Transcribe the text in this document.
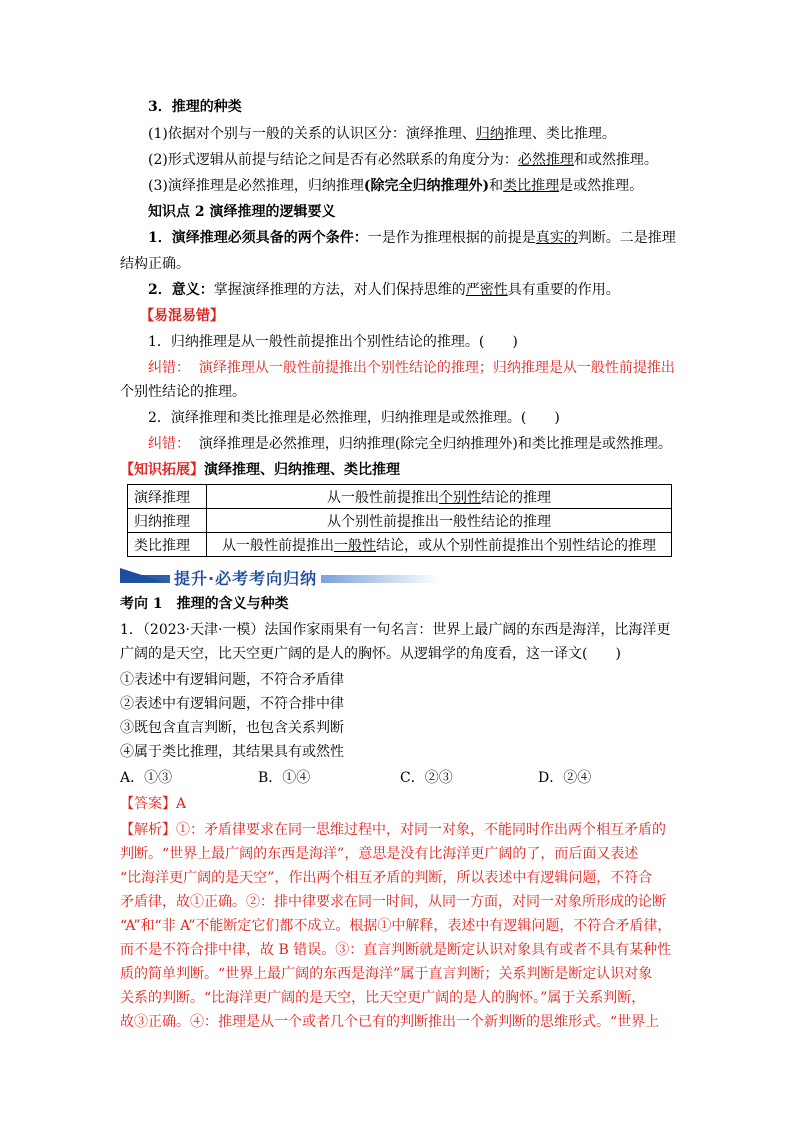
3．推理的种类
(1)依据对个别与一般的关系的认识区分：演绎推理、归纳推理、类比推理。
(2)形式逻辑从前提与结论之间是否有必然联系的角度分为：必然推理和或然推理。
(3)演绎推理是必然推理，归纳推理(除完全归纳推理外)和类比推理是或然推理。
知识点 2 演绎推理的逻辑要义
1．演绎推理必须具备的两个条件：一是作为推理根据的前提是真实的判断。二是推理
结构正确。
2．意义：掌握演绎推理的方法，对人们保持思维的严密性具有重要的作用。
【易混易错】
1．归纳推理是从一般性前提推出个别性结论的推理。(　　)
纠错： 演绎推理从一般性前提推出个别性结论的推理；归纳推理是从一般性前提推出
个别性结论的推理。
2．演绎推理和类比推理是必然推理，归纳推理是或然推理。(　　)
纠错： 演绎推理是必然推理，归纳推理(除完全归纳推理外)和类比推理是或然推理。
【知识拓展】演绎推理、归纳推理、类比推理
演绎推理	从一般性前提推出个别性结论的推理
归纳推理	从个别性前提推出一般性结论的推理
类比推理	从一般性前提推出一般性结论，或从个别性前提推出个别性结论的推理
提升·必考考向归纳
考向 1　推理的含义与种类
1．（2023·天津·一模）法国作家雨果有一句名言：世界上最广阔的东西是海洋，比海洋更
广阔的是天空，比天空更广阔的是人的胸怀。从逻辑学的角度看，这一译文(　　)
①表述中有逻辑问题，不符合矛盾律
②表述中有逻辑问题，不符合排中律
③既包含直言判断，也包含关系判断
④属于类比推理，其结果具有或然性
A．①③	B．①④	C．②③	D．②④
【答案】A
【解析】①：矛盾律要求在同一思维过程中，对同一对象，不能同时作出两个相互矛盾的
判断。“世界上最广阔的东西是海洋”，意思是没有比海洋更广阔的了，而后面又表述
“比海洋更广阔的是天空”，作出两个相互矛盾的判断，所以表述中有逻辑问题，不符合
矛盾律，故①正确。②：排中律要求在同一时间，从同一方面，对同一对象所形成的论断
“A”和“非 A”不能断定它们都不成立。根据①中解释，表述中有逻辑问题，不符合矛盾律，
而不是不符合排中律，故 B 错误。③：直言判断就是断定认识对象具有或者不具有某种性
质的简单判断。“世界上最广阔的东西是海洋”属于直言判断；关系判断是断定认识对象
关系的判断。“比海洋更广阔的是天空，比天空更广阔的是人的胸怀。”属于关系判断，
故③正确。④：推理是从一个或者几个已有的判断推出一个新判断的思维形式。“世界上
